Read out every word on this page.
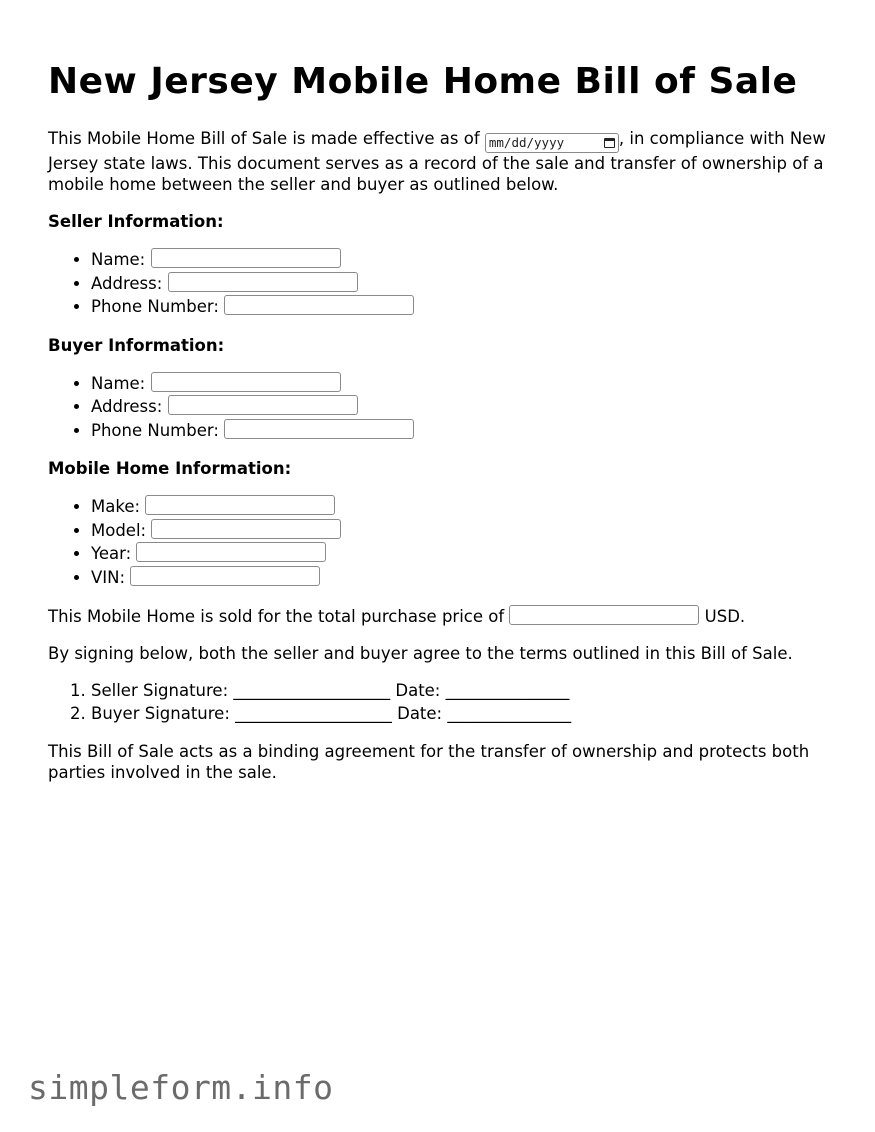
New Jersey Mobile Home Bill of Sale

This Mobile Home Bill of Sale is made effective as of mm/dd/yyyy	, in compliance with New Jersey state laws. This document serves as a record of the sale and transfer of ownership of a mobile home between the seller and buyer as outlined below.

Seller Information:

• Name:
• Address:
• Phone Number:

Buyer Information:

• Name:
• Address:
• Phone Number:

Mobile Home Information:

• Make:
• Model:
• Year:
• VIN:

This Mobile Home is sold for the total purchase price of	USD.

By signing below, both the seller and buyer agree to the terms outlined in this Bill of Sale.

1. Seller Signature: ___________________ Date: _______________
2. Buyer Signature: ___________________ Date: _______________

This Bill of Sale acts as a binding agreement for the transfer of ownership and protects both parties involved in the sale.

simpleform.info
